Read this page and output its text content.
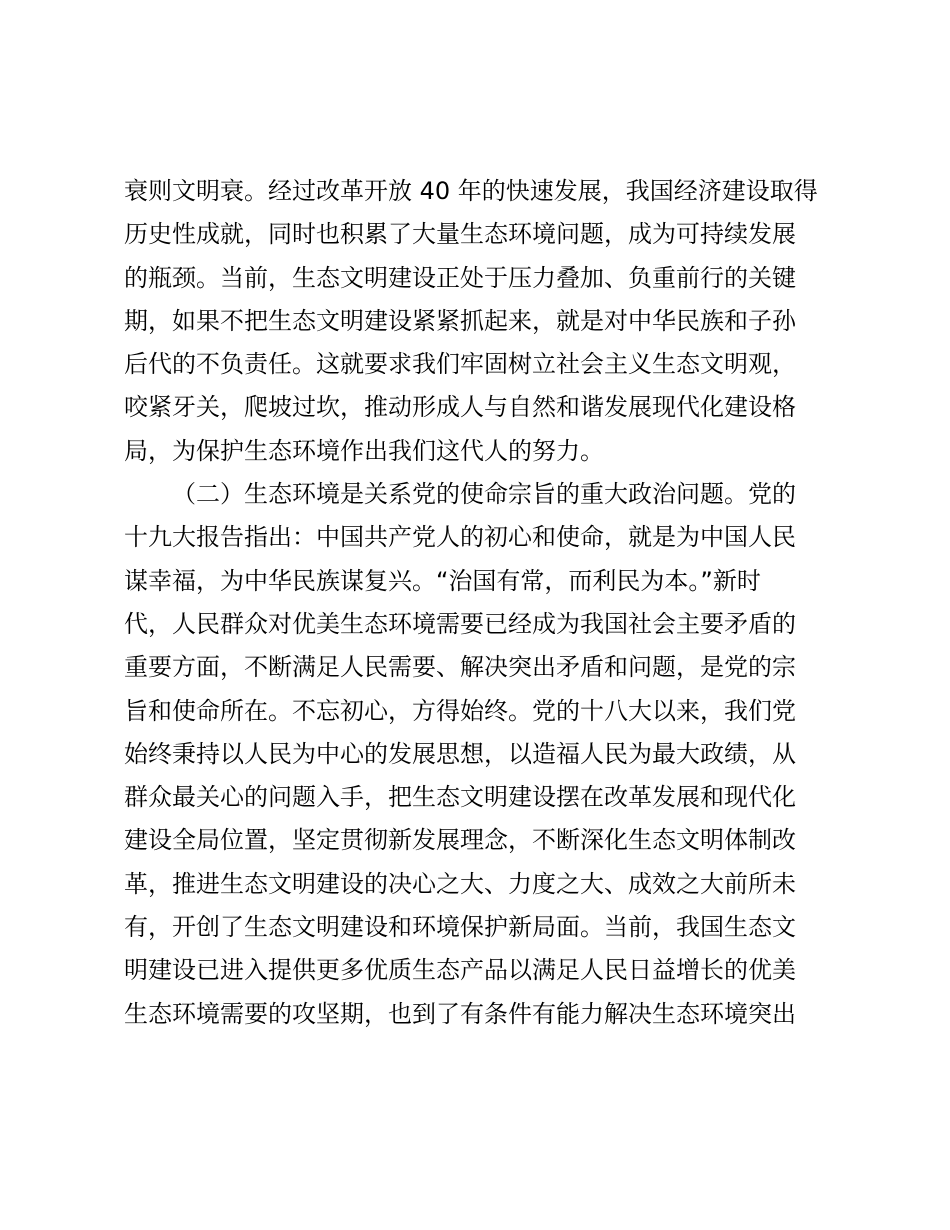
衰则文明衰。经过改革开放 40 年的快速发展，我国经济建设取得
历史性成就，同时也积累了大量生态环境问题，成为可持续发展
的瓶颈。当前，生态文明建设正处于压力叠加、负重前行的关键
期，如果不把生态文明建设紧紧抓起来，就是对中华民族和子孙
后代的不负责任。这就要求我们牢固树立社会主义生态文明观，
咬紧牙关，爬坡过坎，推动形成人与自然和谐发展现代化建设格
局，为保护生态环境作出我们这代人的努力。
（二）生态环境是关系党的使命宗旨的重大政治问题。党的
十九大报告指出：中国共产党人的初心和使命，就是为中国人民
谋幸福，为中华民族谋复兴。“治国有常，而利民为本。”新时
代，人民群众对优美生态环境需要已经成为我国社会主要矛盾的
重要方面，不断满足人民需要、解决突出矛盾和问题，是党的宗
旨和使命所在。不忘初心，方得始终。党的十八大以来，我们党
始终秉持以人民为中心的发展思想，以造福人民为最大政绩，从
群众最关心的问题入手，把生态文明建设摆在改革发展和现代化
建设全局位置，坚定贯彻新发展理念，不断深化生态文明体制改
革，推进生态文明建设的决心之大、力度之大、成效之大前所未
有，开创了生态文明建设和环境保护新局面。当前，我国生态文
明建设已进入提供更多优质生态产品以满足人民日益增长的优美
生态环境需要的攻坚期，也到了有条件有能力解决生态环境突出
